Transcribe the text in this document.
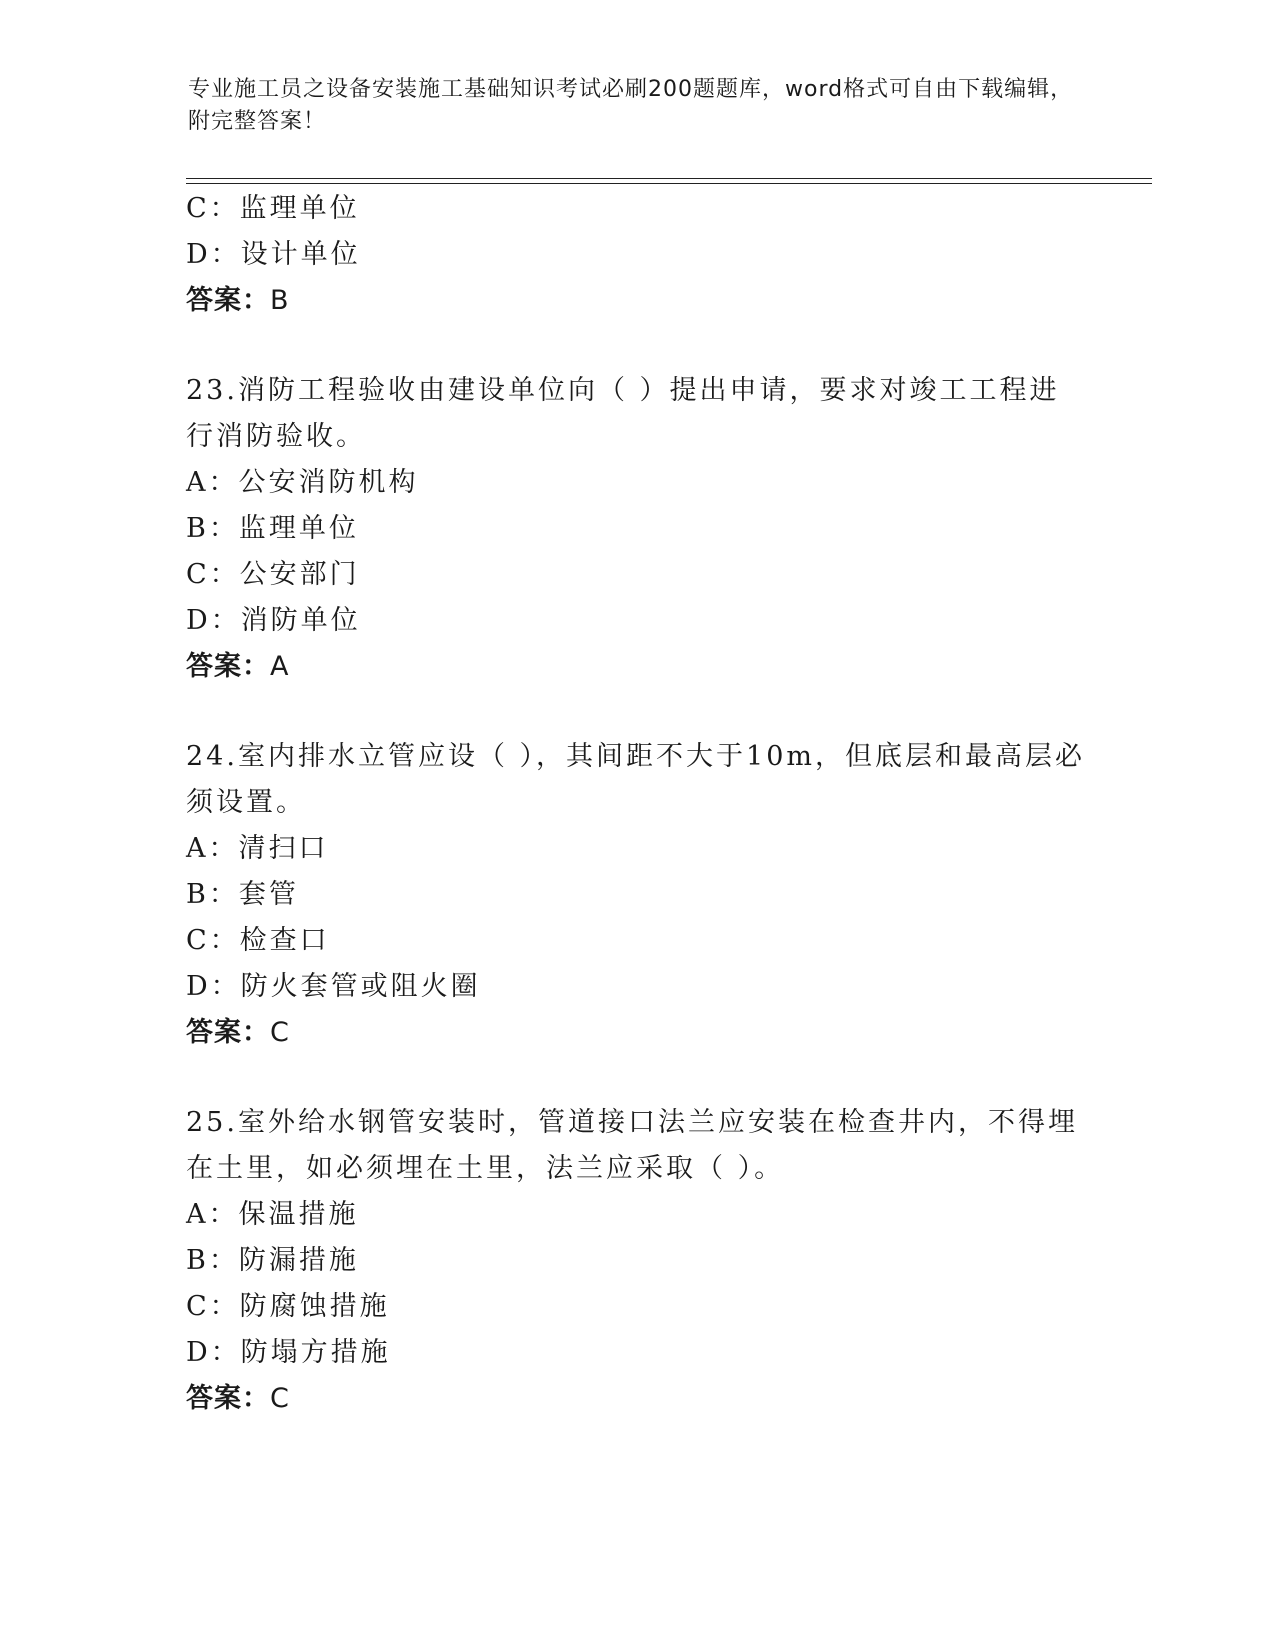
专业施工员之设备安装施工基础知识考试必刷200题题库，word格式可自由下载编辑，附完整答案！
C：监理单位
D：设计单位
答案：B
23.消防工程验收由建设单位向（ ）提出申请，要求对竣工工程进行消防验收。
A：公安消防机构
B：监理单位
C：公安部门
D：消防单位
答案：A
24.室内排水立管应设（ ），其间距不大于10m，但底层和最高层必须设置。
A：清扫口
B：套管
C：检查口
D：防火套管或阻火圈
答案：C
25.室外给水钢管安装时，管道接口法兰应安装在检查井内，不得埋在土里，如必须埋在土里，法兰应采取（ ）。
A：保温措施
B：防漏措施
C：防腐蚀措施
D：防塌方措施
答案：C
